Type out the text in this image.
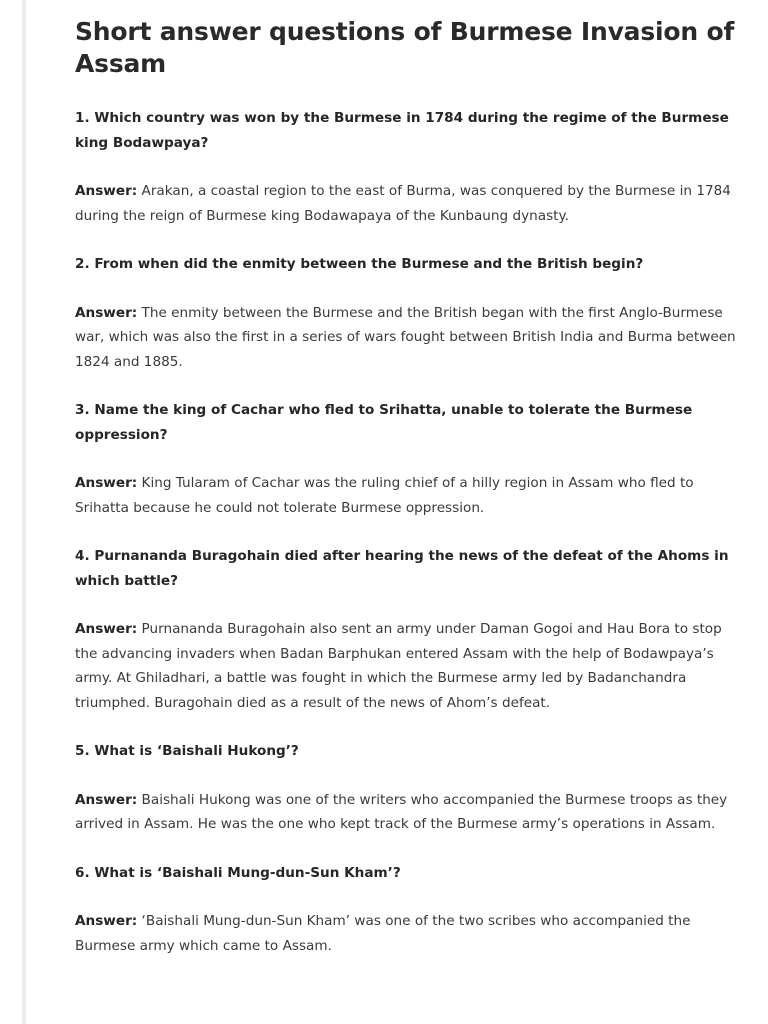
Short answer questions of Burmese Invasion of Assam

1. Which country was won by the Burmese in 1784 during the regime of the Burmese king Bodawpaya?

Answer: Arakan, a coastal region to the east of Burma, was conquered by the Burmese in 1784 during the reign of Burmese king Bodawapaya of the Kunbaung dynasty.

2. From when did the enmity between the Burmese and the British begin?

Answer: The enmity between the Burmese and the British began with the first Anglo-Burmese war, which was also the first in a series of wars fought between British India and Burma between 1824 and 1885.

3. Name the king of Cachar who fled to Srihatta, unable to tolerate the Burmese oppression?

Answer: King Tularam of Cachar was the ruling chief of a hilly region in Assam who fled to Srihatta because he could not tolerate Burmese oppression.

4. Purnananda Buragohain died after hearing the news of the defeat of the Ahoms in which battle?

Answer: Purnananda Buragohain also sent an army under Daman Gogoi and Hau Bora to stop the advancing invaders when Badan Barphukan entered Assam with the help of Bodawpaya’s army. At Ghiladhari, a battle was fought in which the Burmese army led by Badanchandra triumphed. Buragohain died as a result of the news of Ahom’s defeat.

5. What is ‘Baishali Hukong’?

Answer: Baishali Hukong was one of the writers who accompanied the Burmese troops as they arrived in Assam. He was the one who kept track of the Burmese army’s operations in Assam.

6. What is ‘Baishali Mung-dun-Sun Kham’?

Answer: ‘Baishali Mung-dun-Sun Kham’ was one of the two scribes who accompanied the Burmese army which came to Assam.
